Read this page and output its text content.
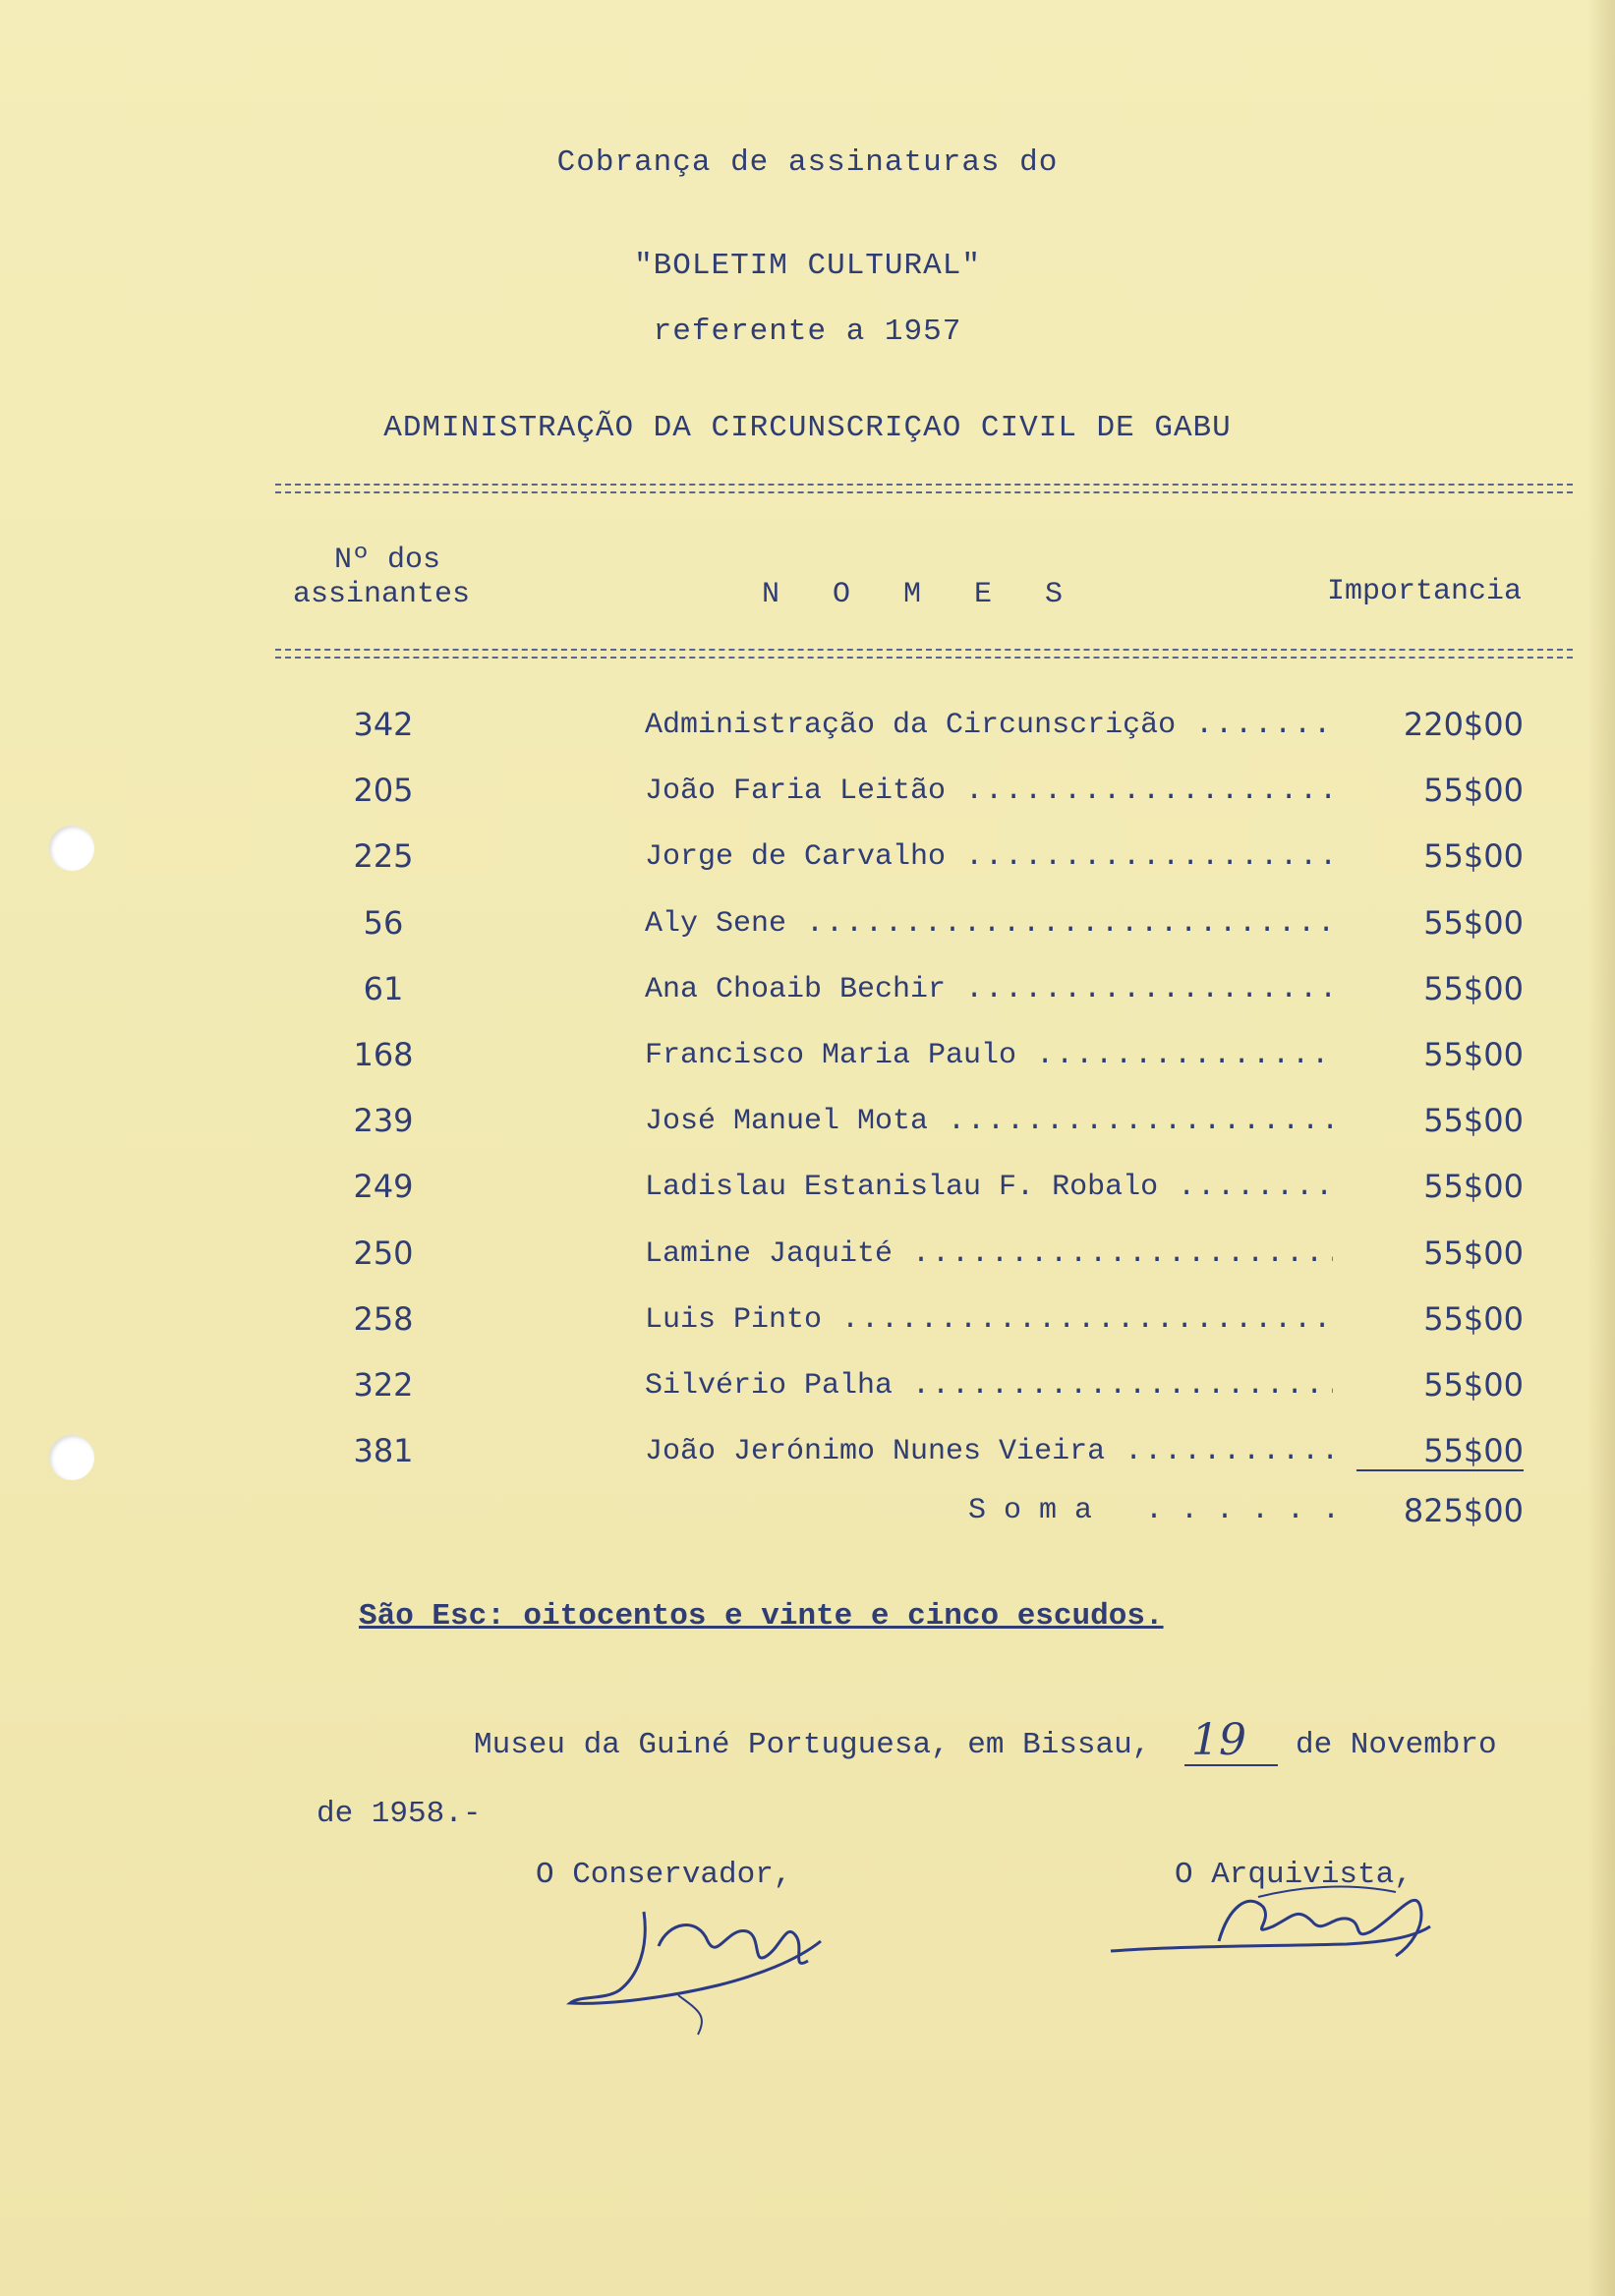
Cobrança de assinaturas do
"BOLETIM CULTURAL"
referente a 1957
ADMINISTRAÇÃO DA CIRCUNSCRIÇAO CIVIL DE GABU
Nº dos
assinantes	N O M E S	Importancia
342	Administração da Circunscrição .....	220$00
205	João Faria Leitão .....	55$00
225	Jorge de Carvalho .....	55$00
56	Aly Sene .....	55$00
61	Ana Choaib Bechir .....	55$00
168	Francisco Maria Paulo .....	55$00
239	José Manuel Mota .....	55$00
249	Ladislau Estanislau F. Robalo .....	55$00
250	Lamine Jaquité .....	55$00
258	Luis Pinto .....	55$00
322	Silvério Palha .....	55$00
381	João Jerónimo Nunes Vieira .....	55$00
Soma ......	825$00
São Esc: oitocentos e vinte e cinco escudos.
Museu da Guiné Portuguesa, em Bissau, 19 de Novembro
de 1958.-
O Conservador,	O Arquivista,
